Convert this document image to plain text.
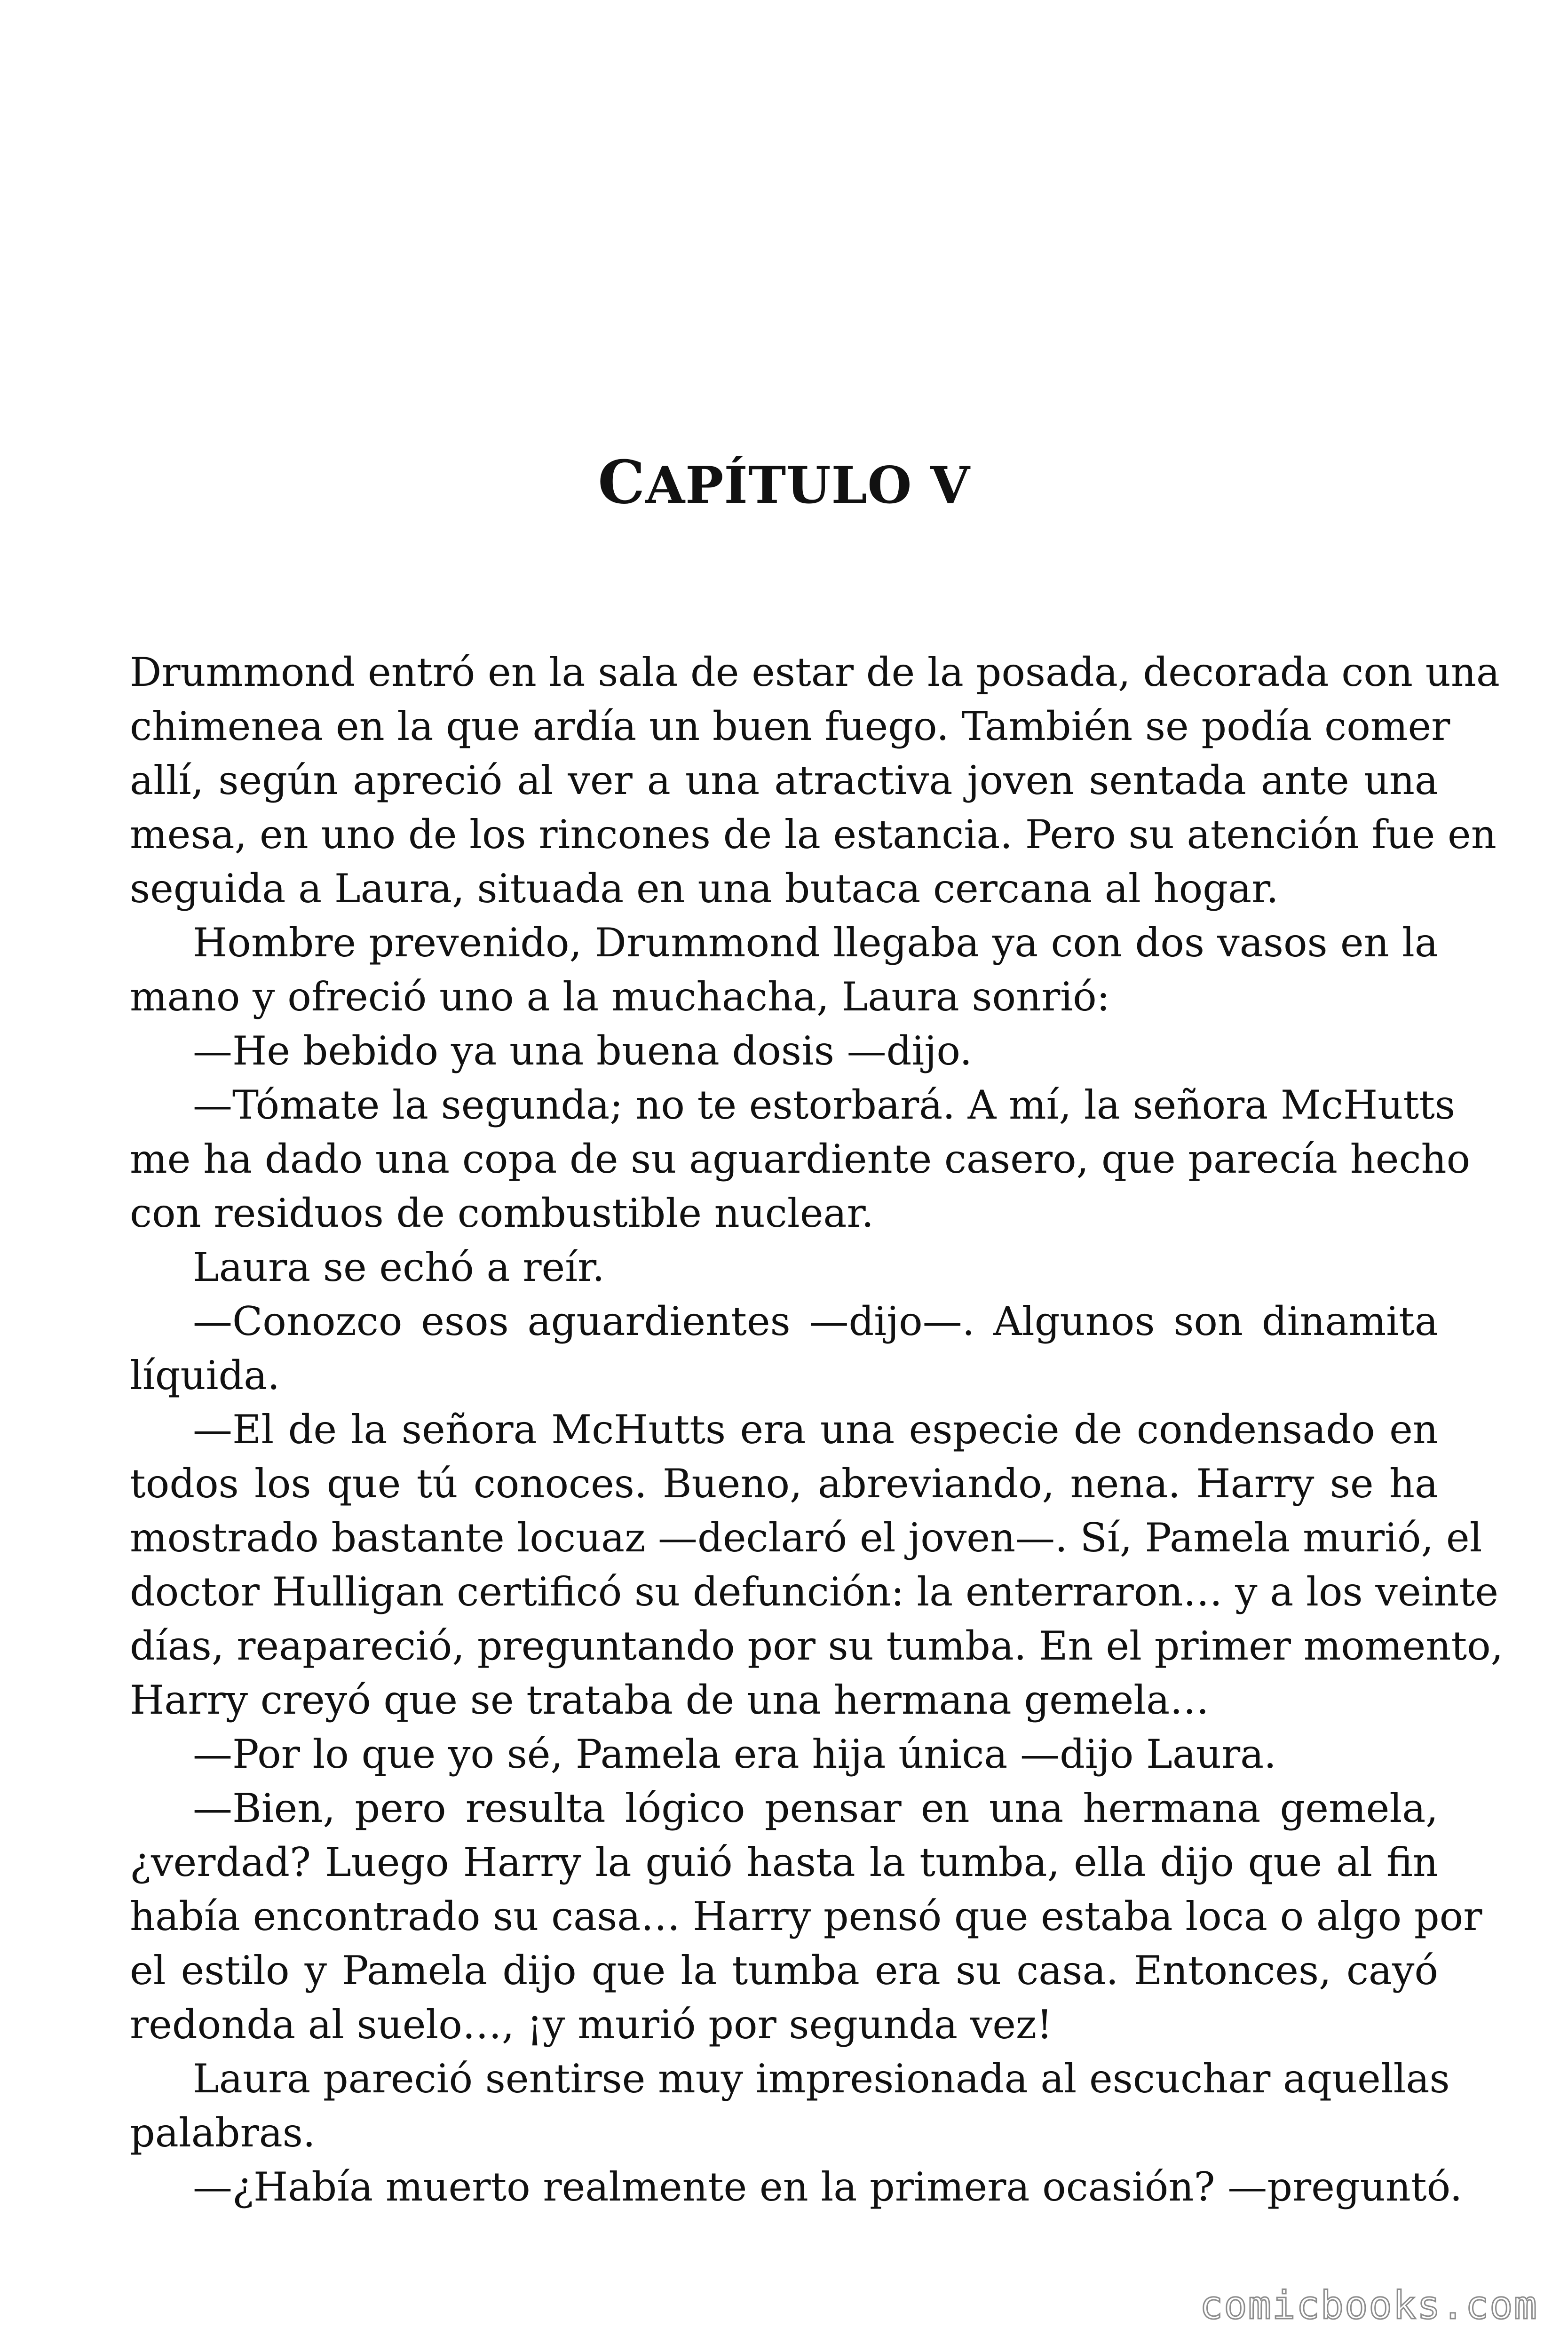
CAPÍTULO V
Drummond entró en la sala de estar de la posada, decorada con una
chimenea en la que ardía un buen fuego. También se podía comer
allí, según apreció al ver a una atractiva joven sentada ante una
mesa, en uno de los rincones de la estancia. Pero su atención fue en
seguida a Laura, situada en una butaca cercana al hogar.
Hombre prevenido, Drummond llegaba ya con dos vasos en la
mano y ofreció uno a la muchacha, Laura sonrió:
—He bebido ya una buena dosis —dijo.
—Tómate la segunda; no te estorbará. A mí, la señora McHutts
me ha dado una copa de su aguardiente casero, que parecía hecho
con residuos de combustible nuclear.
Laura se echó a reír.
—Conozco esos aguardientes —dijo—. Algunos son dinamita
líquida.
—El de la señora McHutts era una especie de condensado en
todos los que tú conoces. Bueno, abreviando, nena. Harry se ha
mostrado bastante locuaz —declaró el joven—. Sí, Pamela murió, el
doctor Hulligan certificó su defunción: la enterraron… y a los veinte
días, reapareció, preguntando por su tumba. En el primer momento,
Harry creyó que se trataba de una hermana gemela…
—Por lo que yo sé, Pamela era hija única —dijo Laura.
—Bien, pero resulta lógico pensar en una hermana gemela,
¿verdad? Luego Harry la guió hasta la tumba, ella dijo que al fin
había encontrado su casa… Harry pensó que estaba loca o algo por
el estilo y Pamela dijo que la tumba era su casa. Entonces, cayó
redonda al suelo…, ¡y murió por segunda vez!
Laura pareció sentirse muy impresionada al escuchar aquellas
palabras.
—¿Había muerto realmente en la primera ocasión? —preguntó.
comicbooks.com
